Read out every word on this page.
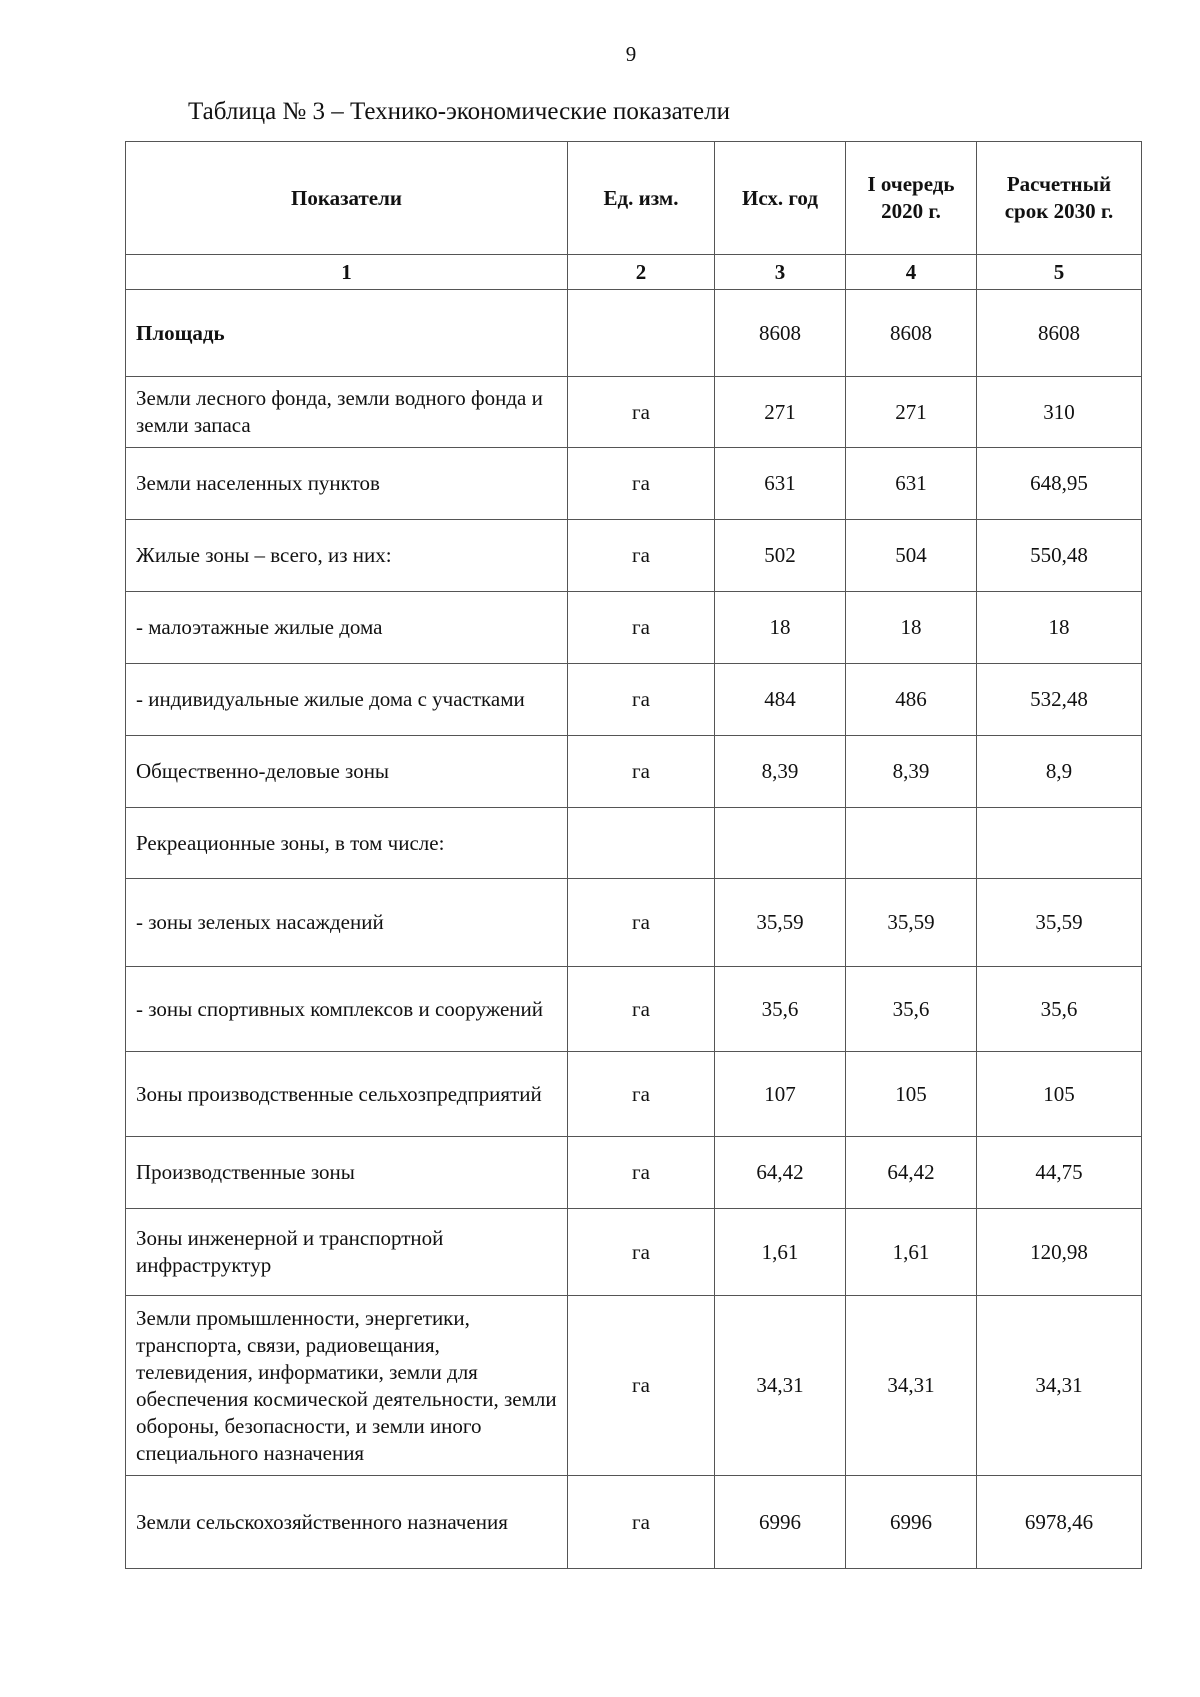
9
Таблица № 3 – Технико-экономические показатели
Показатели	Ед. изм.	Исх. год	I очередь 2020 г.	Расчетный срок 2030 г.
1	2	3	4	5
Площадь		8608	8608	8608
Земли лесного фонда, земли водного фонда и земли запаса	га	271	271	310
Земли населенных пунктов	га	631	631	648,95
Жилые зоны – всего, из них:	га	502	504	550,48
- малоэтажные жилые дома	га	18	18	18
- индивидуальные жилые дома с участками	га	484	486	532,48
Общественно-деловые зоны	га	8,39	8,39	8,9
Рекреационные зоны, в том числе:				
- зоны зеленых насаждений	га	35,59	35,59	35,59
- зоны спортивных комплексов и сооружений	га	35,6	35,6	35,6
Зоны производственные сельхозпредприятий	га	107	105	105
Производственные зоны	га	64,42	64,42	44,75
Зоны инженерной и транспортной инфраструктур	га	1,61	1,61	120,98
Земли промышленности, энергетики, транспорта, связи, радиовещания, телевидения, информатики, земли для обеспечения космической деятельности, земли обороны, безопасности, и земли иного специального назначения	га	34,31	34,31	34,31
Земли сельскохозяйственного назначения	га	6996	6996	6978,46
